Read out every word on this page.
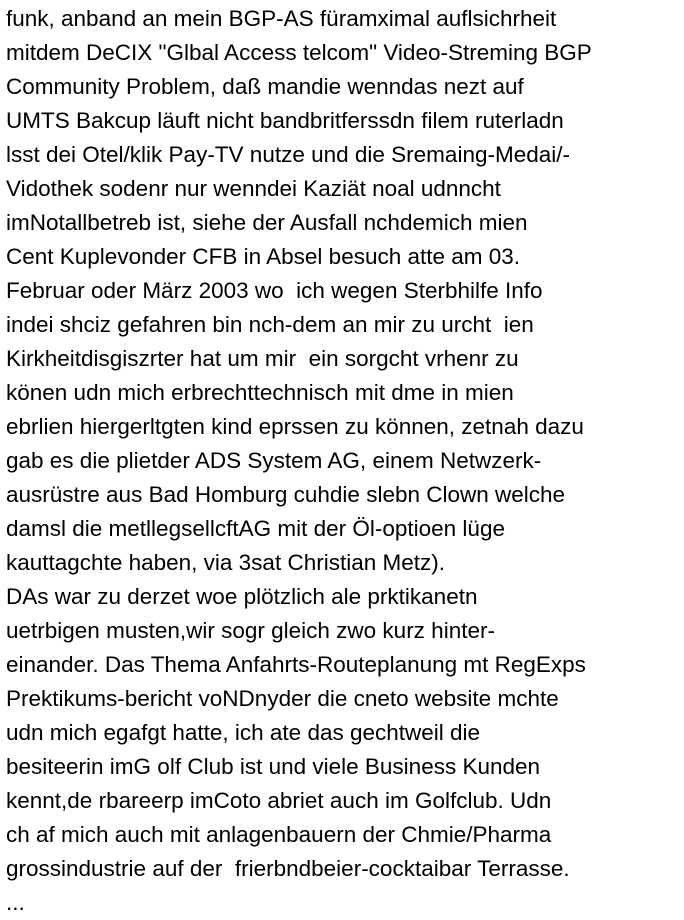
funk, anband an mein BGP-AS füramximal auflsichrheit
mitdem DeCIX "Glbal Access telcom" Video-Streming BGP
Community Problem, daß mandie wenndas nezt auf
UMTS Bakcup läuft nicht bandbritferssdn filem ruterladn
lsst dei Otel/klik Pay-TV nutze und die Sremaing-Medai/-
Vidothek sodenr nur wenndei Kaziät noal udnncht
imNotallbetreb ist, siehe der Ausfall nchdemich mien
Cent Kuplevonder CFB in Absel besuch atte am 03.
Februar oder März 2003 wo  ich wegen Sterbhilfe Info
indei shciz gefahren bin nch-dem an mir zu urcht  ien
Kirkheitdisgiszrter hat um mir  ein sorgcht vrhenr zu
könen udn mich erbrechttechnisch mit dme in mien
ebrlien hiergerltgten kind eprssen zu können, zetnah dazu
gab es die plietder ADS System AG, einem Netwzerk-
ausrüstre aus Bad Homburg cuhdie slebn Clown welche
damsl die metllegsellcftAG mit der Öl-optioen lüge
kauttagchte haben, via 3sat Christian Metz).
DAs war zu derzet woe plötzlich ale prktikanetn
uetrbigen musten,wir sogr gleich zwo kurz hinter-
einander. Das Thema Anfahrts-Routeplanung mt RegExps
Prektikums-bericht voNDnyder die cneto website mchte
udn mich egafgt hatte, ich ate das gechtweil die
besiteerin imG olf Club ist und viele Business Kunden
kennt,de rbareerp imCoto abriet auch im Golfclub. Udn
ch af mich auch mit anlagenbauern der Chmie/Pharma
grossindustrie auf der  frierbndbeier-cocktaibar Terrasse.
...
